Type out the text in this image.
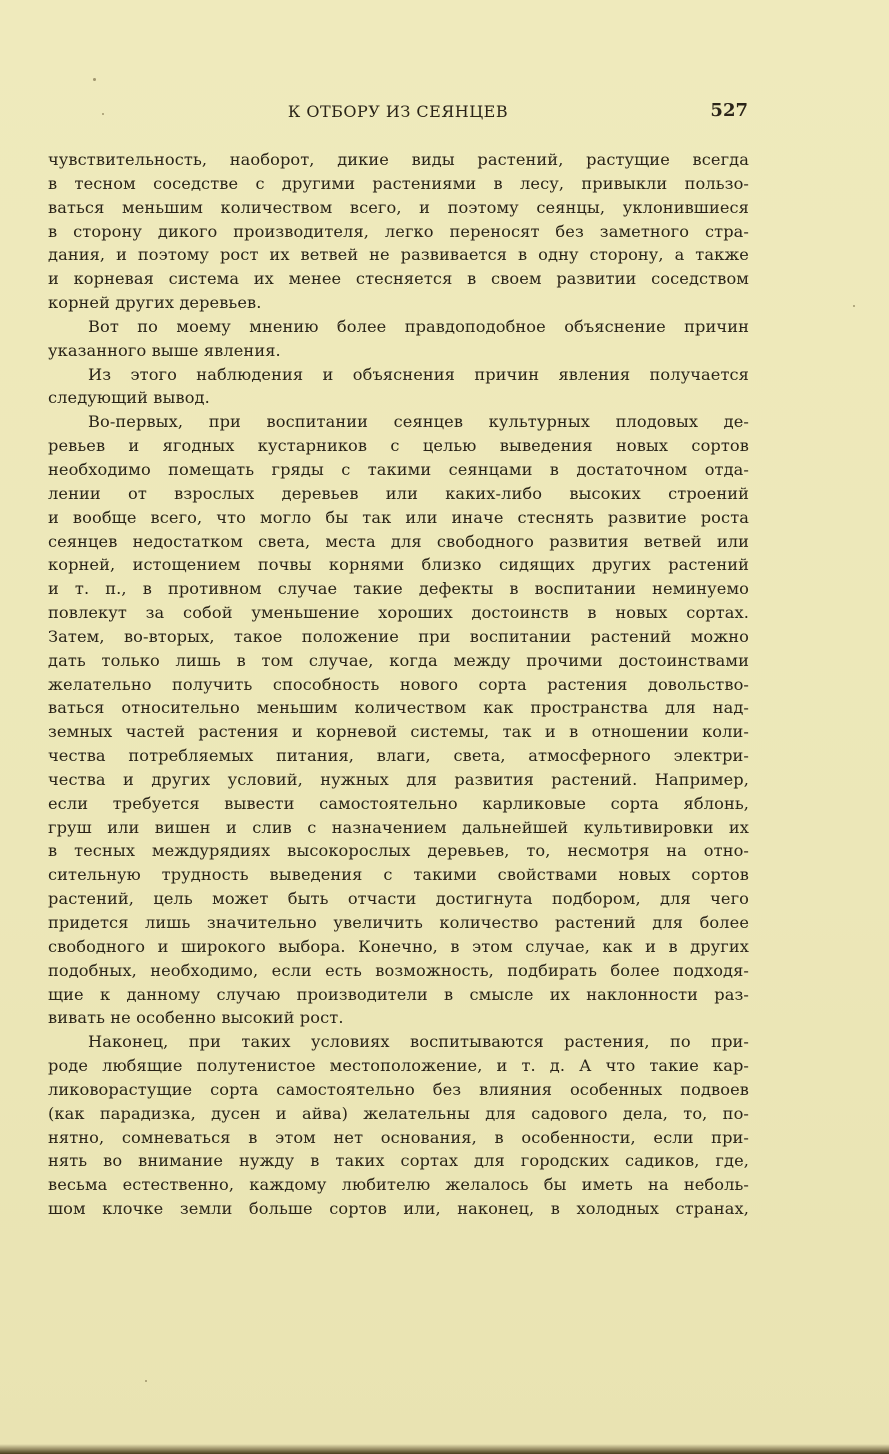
К ОТБОРУ ИЗ СЕЯНЦЕВ	527
чувствительность, наоборот, дикие виды растений, растущие всегда
в тесном соседстве с другими растениями в лесу, привыкли пользо-
ваться меньшим количеством всего, и поэтому сеянцы, уклонившиеся
в сторону дикого производителя, легко переносят без заметного стра-
дания, и поэтому рост их ветвей не развивается в одну сторону, а также
и корневая система их менее стесняется в своем развитии соседством
корней других деревьев.
Вот по моему мнению более правдоподобное объяснение причин
указанного выше явления.
Из этого наблюдения и объяснения причин явления получается
следующий вывод.
Во-первых, при воспитании сеянцев культурных плодовых де-
ревьев и ягодных кустарников с целью выведения новых сортов
необходимо помещать гряды с такими сеянцами в достаточном отда-
лении от взрослых деревьев или каких-либо высоких строений
и вообще всего, что могло бы так или иначе стеснять развитие роста
сеянцев недостатком света, места для свободного развития ветвей или
корней, истощением почвы корнями близко сидящих других растений
и т. п., в противном случае такие дефекты в воспитании неминуемо
повлекут за собой уменьшение хороших достоинств в новых сортах.
Затем, во-вторых, такое положение при воспитании растений можно
дать только лишь в том случае, когда между прочими достоинствами
желательно получить способность нового сорта растения довольство-
ваться относительно меньшим количеством как пространства для над-
земных частей растения и корневой системы, так и в отношении коли-
чества потребляемых питания, влаги, света, атмосферного электри-
чества и других условий, нужных для развития растений. Например,
если требуется вывести самостоятельно карликовые сорта яблонь,
груш или вишен и слив с назначением дальнейшей культивировки их
в тесных междурядиях высокорослых деревьев, то, несмотря на отно-
сительную трудность выведения с такими свойствами новых сортов
растений, цель может быть отчасти достигнута подбором, для чего
придется лишь значительно увеличить количество растений для более
свободного и широкого выбора. Конечно, в этом случае, как и в других
подобных, необходимо, если есть возможность, подбирать более подходя-
щие к данному случаю производители в смысле их наклонности раз-
вивать не особенно высокий рост.
Наконец, при таких условиях воспитываются растения, по при-
роде любящие полутенистое местоположение, и т. д. А что такие кар-
ликоворастущие сорта самостоятельно без влияния особенных подвоев
(как парадизка, дусен и айва) желательны для садового дела, то, по-
нятно, сомневаться в этом нет основания, в особенности, если при-
нять во внимание нужду в таких сортах для городских садиков, где,
весьма естественно, каждому любителю желалось бы иметь на неболь-
шом клочке земли больше сортов или, наконец, в холодных странах,
